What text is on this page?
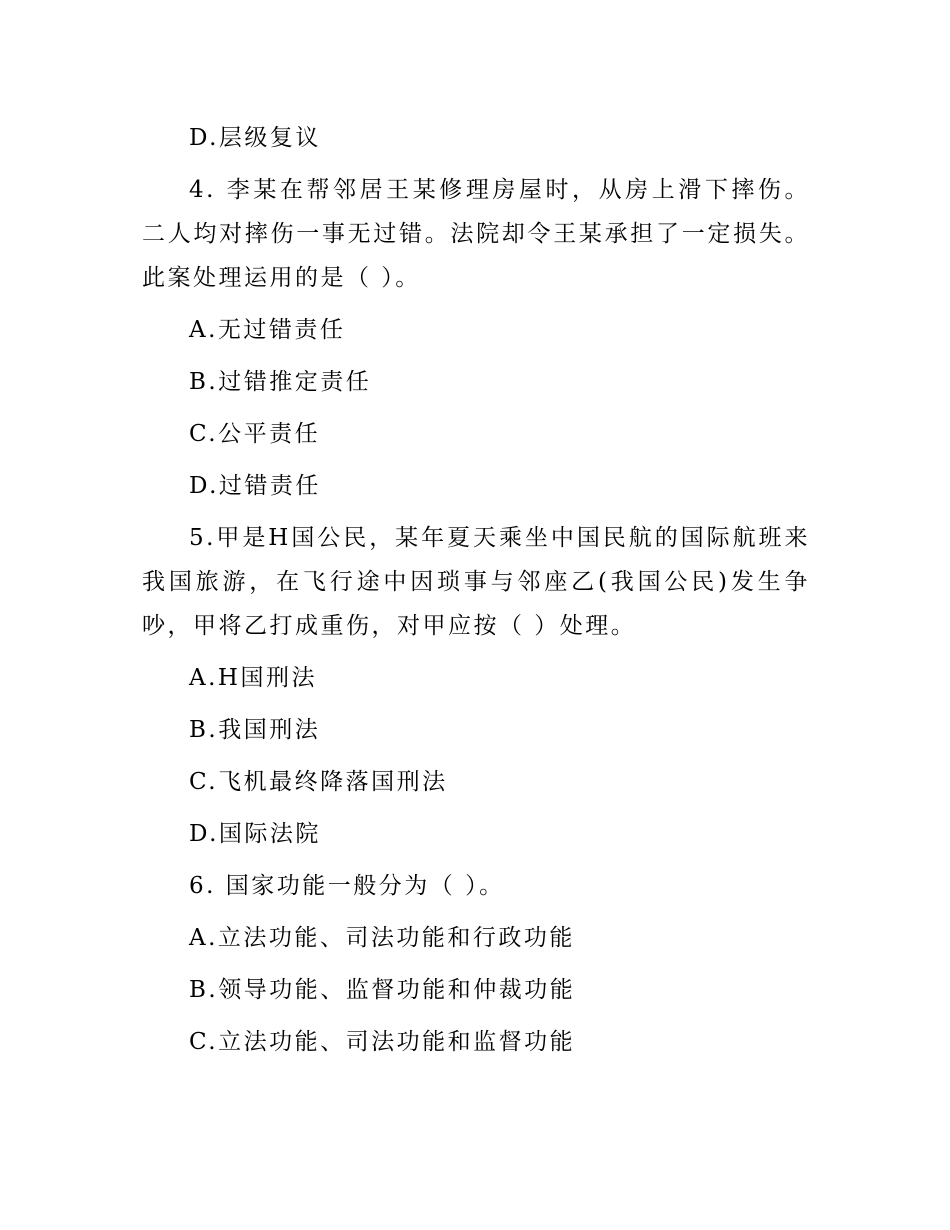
D.层级复议

4. 李某在帮邻居王某修理房屋时，从房上滑下摔伤。二人均对摔伤一事无过错。法院却令王某承担了一定损失。此案处理运用的是（ ）。

A.无过错责任

B.过错推定责任

C.公平责任

D.过错责任

5.甲是H国公民，某年夏天乘坐中国民航的国际航班来我国旅游，在飞行途中因琐事与邻座乙(我国公民)发生争吵，甲将乙打成重伤，对甲应按（ ）处理。

A.H国刑法

B.我国刑法

C.飞机最终降落国刑法

D.国际法院

6. 国家功能一般分为（ ）。

A.立法功能、司法功能和行政功能

B.领导功能、监督功能和仲裁功能

C.立法功能、司法功能和监督功能
